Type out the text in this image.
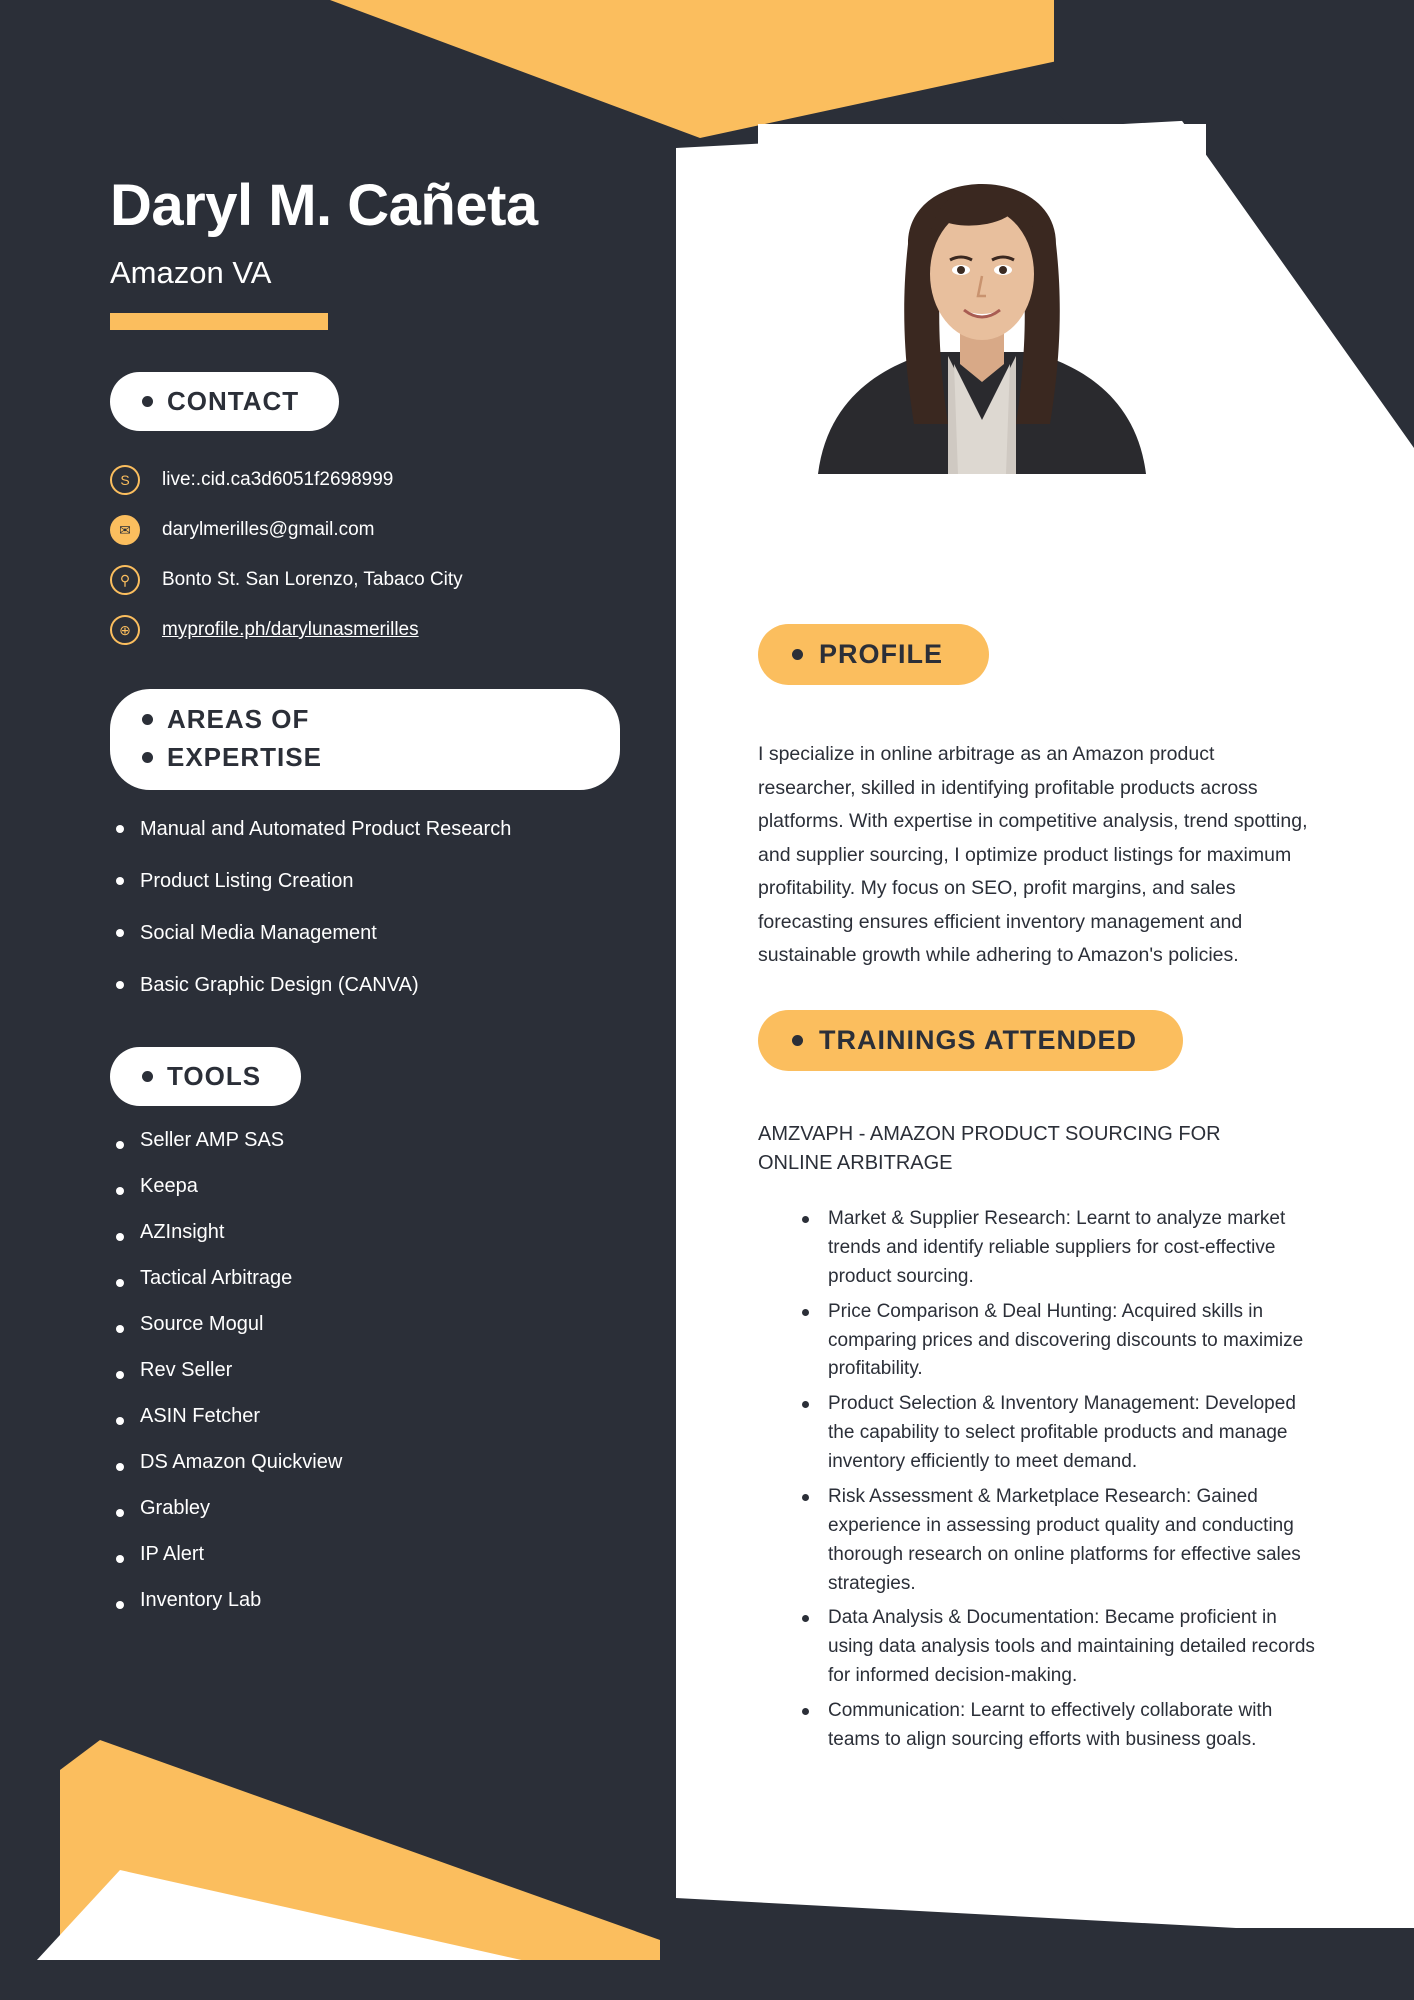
Daryl M. Cañeta
Amazon VA
CONTACT
S	live:.cid.ca3d6051f2698999
✉	darylmerilles@gmail.com
⚲	Bonto St. San Lorenzo, Tabaco City
⊕	myprofile.ph/darylunasmerilles
AREAS OF
EXPERTISE
Manual and Automated Product Research
Product Listing Creation
Social Media Management
Basic Graphic Design (CANVA)
TOOLS
Seller AMP SAS
Keepa
AZInsight
Tactical Arbitrage
Source Mogul
Rev Seller
ASIN Fetcher
DS Amazon Quickview
Grabley
IP Alert
Inventory Lab
PROFILE
I specialize in online arbitrage as an Amazon product researcher, skilled in identifying profitable products across platforms. With expertise in competitive analysis, trend spotting, and supplier sourcing, I optimize product listings for maximum profitability. My focus on SEO, profit margins, and sales forecasting ensures efficient inventory management and sustainable growth while adhering to Amazon's policies.
TRAININGS ATTENDED
AMZVAPH - AMAZON PRODUCT SOURCING FOR ONLINE ARBITRAGE
Market & Supplier Research: Learnt to analyze market trends and identify reliable suppliers for cost-effective product sourcing.
Price Comparison & Deal Hunting: Acquired skills in comparing prices and discovering discounts to maximize profitability.
Product Selection & Inventory Management: Developed the capability to select profitable products and manage inventory efficiently to meet demand.
Risk Assessment & Marketplace Research: Gained experience in assessing product quality and conducting thorough research on online platforms for effective sales strategies.
Data Analysis & Documentation: Became proficient in using data analysis tools and maintaining detailed records for informed decision-making.
Communication: Learnt to effectively collaborate with teams to align sourcing efforts with business goals.
